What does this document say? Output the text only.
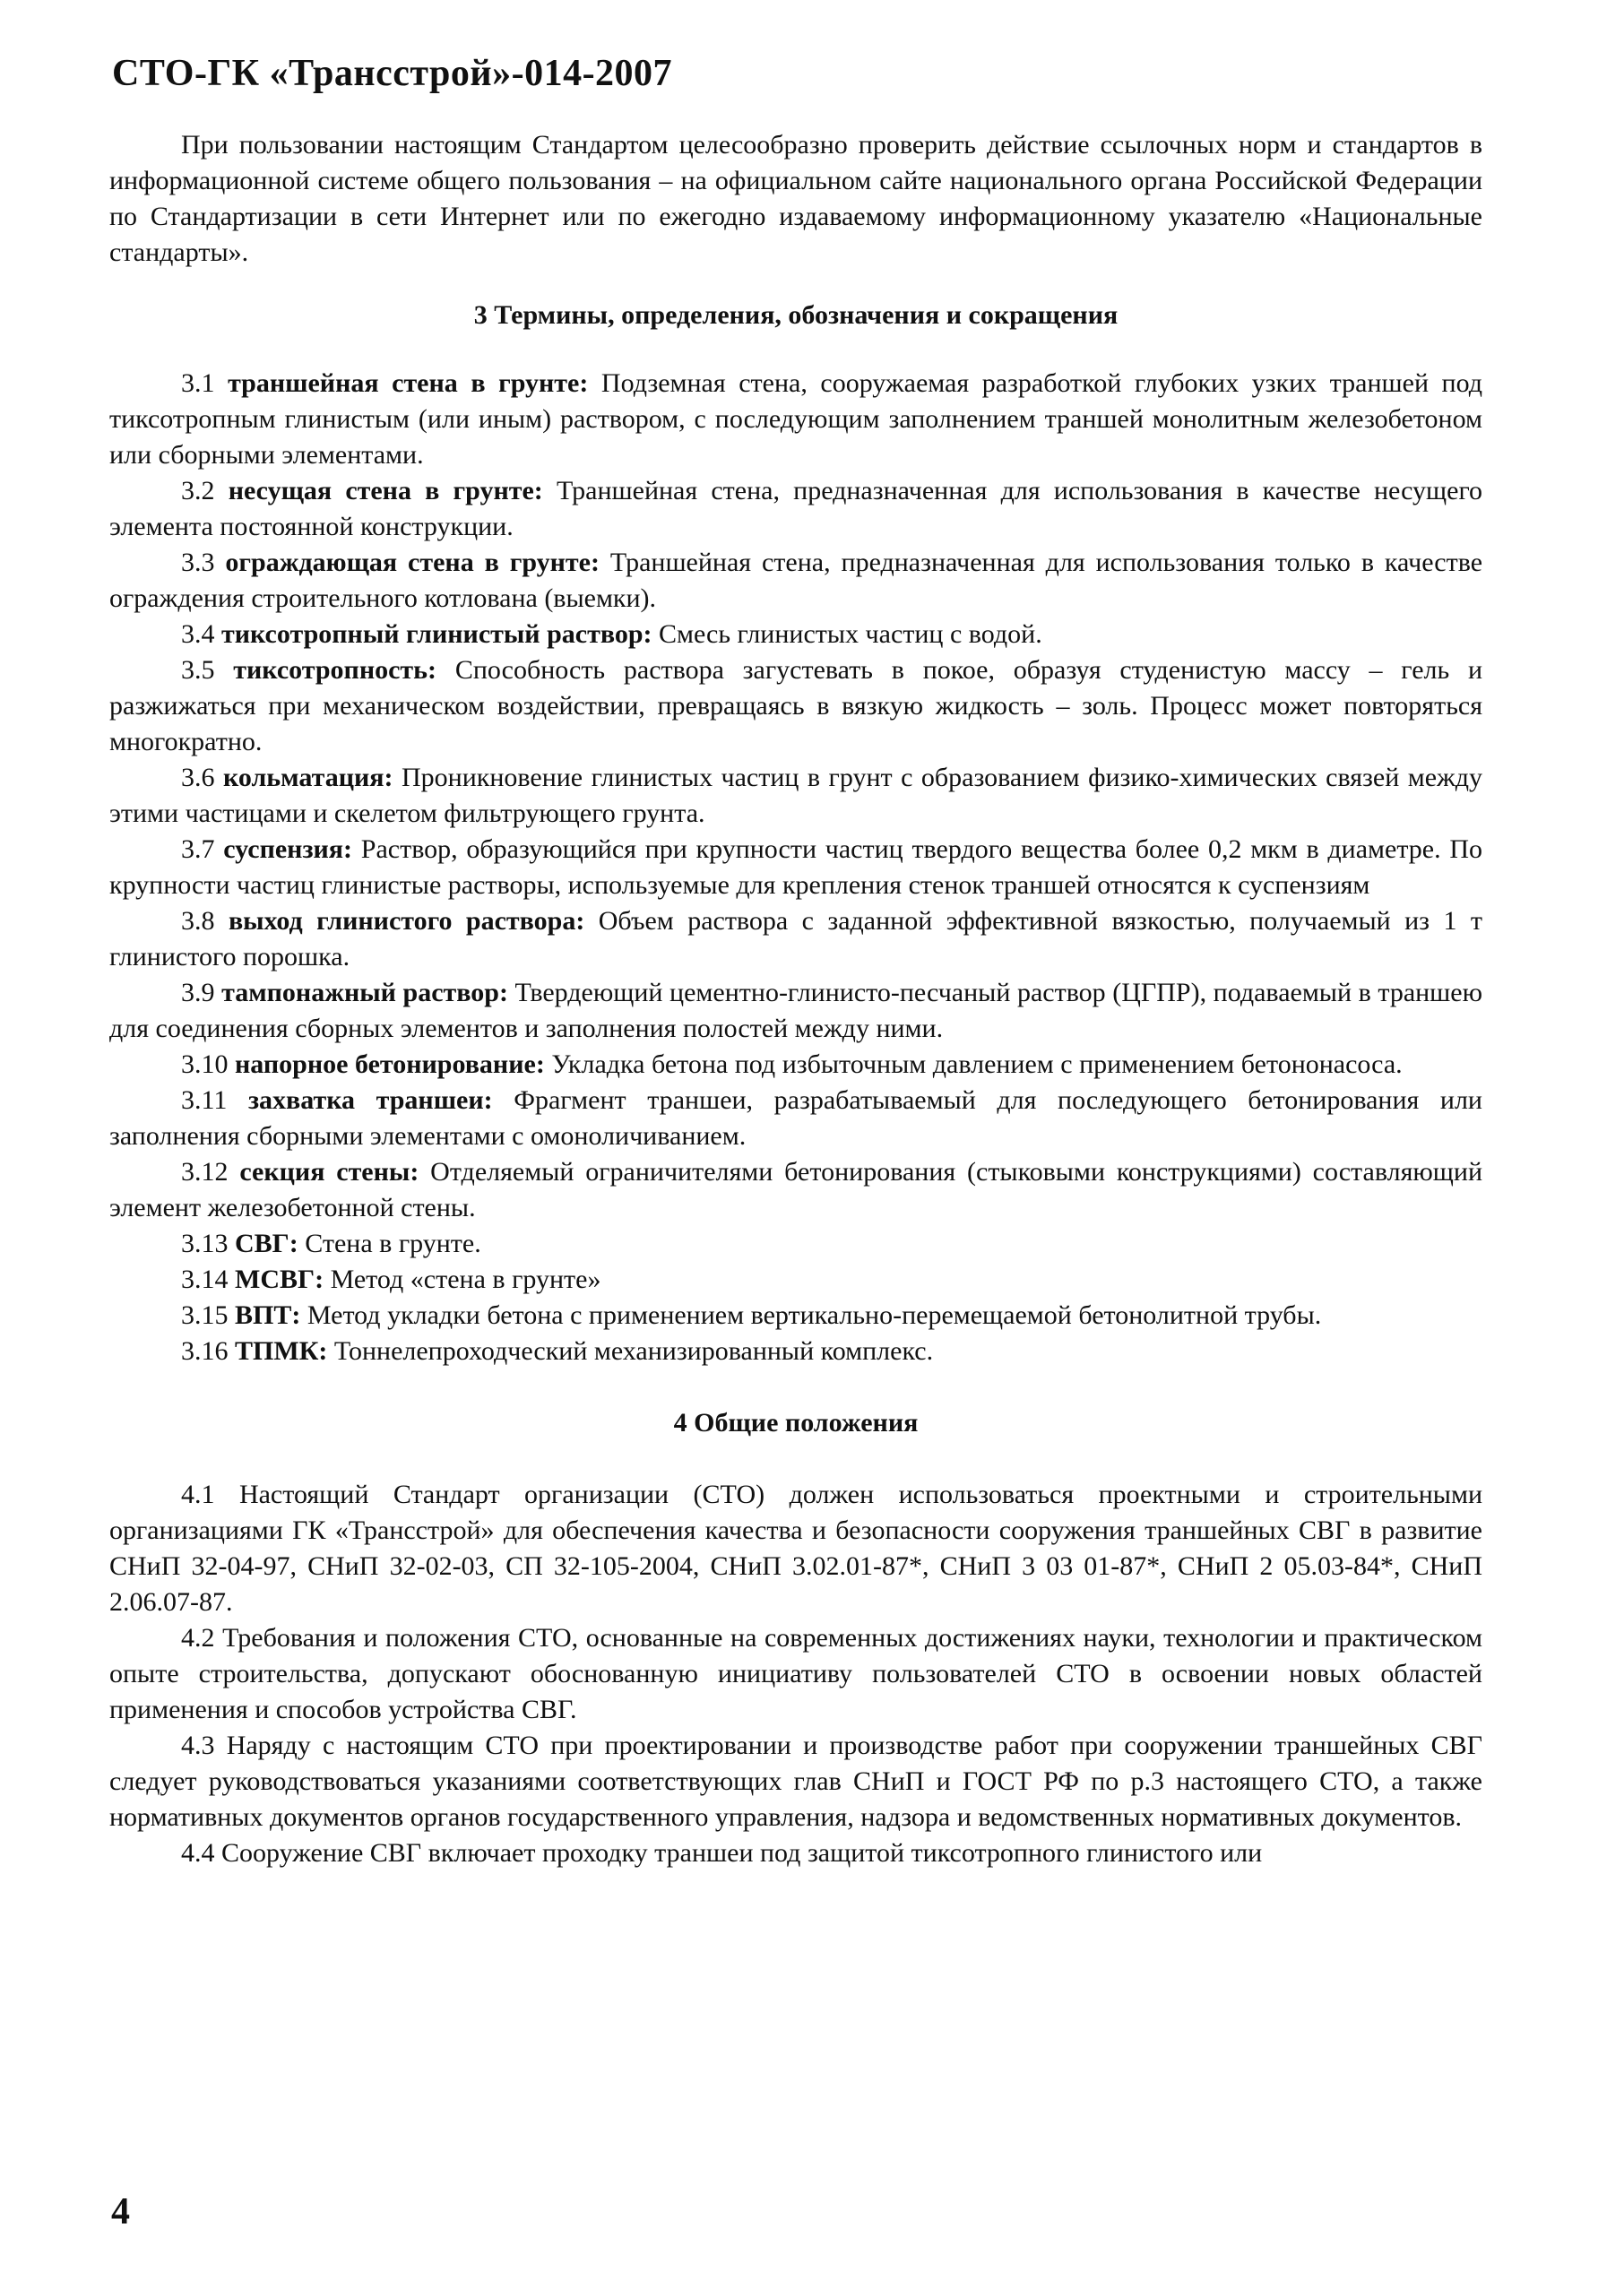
СТО-ГК «Трансстрой»-014-2007

При пользовании настоящим Стандартом целесообразно проверить действие ссылочных норм и стандартов в информационной системе общего пользования – на официальном сайте национального органа Российской Федерации по Стандартизации в сети Интернет или по ежегодно издаваемому информационному указателю «Национальные стандарты».

3 Термины, определения, обозначения и сокращения

3.1 траншейная стена в грунте: Подземная стена, сооружаемая разработкой глубоких узких траншей под тиксотропным глинистым (или иным) раствором, с последующим заполнением траншей монолитным железобетоном или сборными элементами.

3.2 несущая стена в грунте: Траншейная стена, предназначенная для использования в качестве несущего элемента постоянной конструкции.

3.3 ограждающая стена в грунте: Траншейная стена, предназначенная для использования только в качестве ограждения строительного котлована (выемки).

3.4 тиксотропный глинистый раствор: Смесь глинистых частиц с водой.

3.5 тиксотропность: Способность раствора загустевать в покое, образуя студенистую массу – гель и разжижаться при механическом воздействии, превращаясь в вязкую жидкость – золь. Процесс может повторяться многократно.

3.6 кольматация: Проникновение глинистых частиц в грунт с образованием физико-химических связей между этими частицами и скелетом фильтрующего грунта.

3.7 суспензия: Раствор, образующийся при крупности частиц твердого вещества более 0,2 мкм в диаметре. По крупности частиц глинистые растворы, используемые для крепления стенок траншей относятся к суспензиям

3.8 выход глинистого раствора: Объем раствора с заданной эффективной вязкостью, получаемый из 1 т глинистого порошка.

3.9 тампонажный раствор: Твердеющий цементно-глинисто-песчаный раствор (ЦГПР), подаваемый в траншею для соединения сборных элементов и заполнения полостей между ними.

3.10 напорное бетонирование: Укладка бетона под избыточным давлением с применением бетононасоса.

3.11 захватка траншеи: Фрагмент траншеи, разрабатываемый для последующего бетонирования или заполнения сборными элементами с омоноличиванием.

3.12 секция стены: Отделяемый ограничителями бетонирования (стыковыми конструкциями) составляющий элемент железобетонной стены.

3.13 СВГ: Стена в грунте.

3.14 МСВГ: Метод «стена в грунте»

3.15 ВПТ: Метод укладки бетона с применением вертикально-перемещаемой бетонолитной трубы.

3.16 ТПМК: Тоннелепроходческий механизированный комплекс.

4 Общие положения

4.1 Настоящий Стандарт организации (СТО) должен использоваться проектными и строительными организациями ГК «Трансстрой» для обеспечения качества и безопасности сооружения траншейных СВГ в развитие СНиП 32-04-97, СНиП 32-02-03, СП 32-105-2004, СНиП 3.02.01-87*, СНиП 3 03 01-87*, СНиП 2 05.03-84*, СНиП 2.06.07-87.

4.2 Требования и положения СТО, основанные на современных достижениях науки, технологии и практическом опыте строительства, допускают обоснованную инициативу пользователей СТО в освоении новых областей применения и способов устройства СВГ.

4.3 Наряду с настоящим СТО при проектировании и производстве работ при сооружении траншейных СВГ следует руководствоваться указаниями соответствующих глав СНиП и ГОСТ РФ по р.3 настоящего СТО, а также нормативных документов органов государственного управления, надзора и ведомственных нормативных документов.

4.4 Сооружение СВГ включает проходку траншеи под защитой тиксотропного глинистого или

4
